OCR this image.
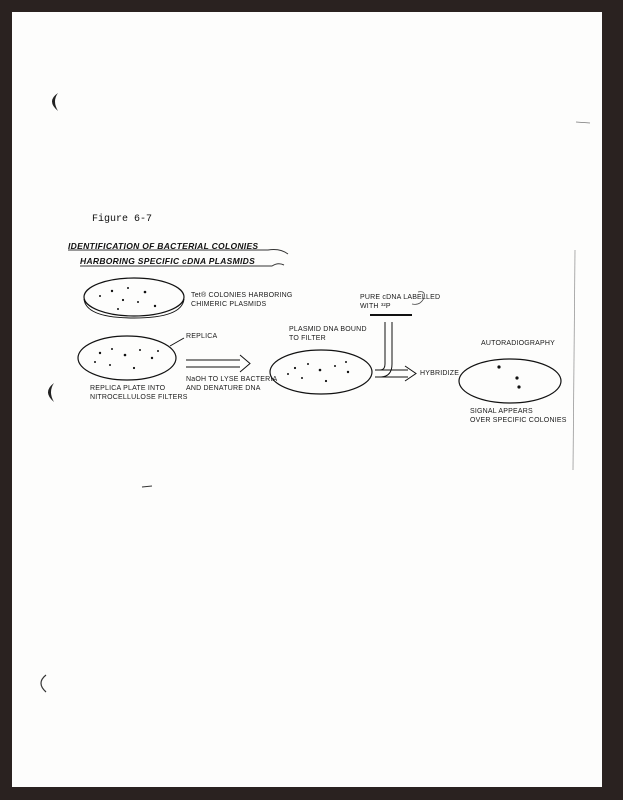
Figure 6-7
IDENTIFICATION OF BACTERIAL COLONIES
HARBORING SPECIFIC cDNA PLASMIDS
Tet® COLONIES HARBORING
CHIMERIC PLASMIDS
REPLICA
REPLICA PLATE INTO
NITROCELLULOSE FILTERS
NaOH TO LYSE BACTERIA
AND DENATURE DNA
PLASMID DNA BOUND
TO FILTER
PURE cDNA LABELLED
WITH ³²P
HYBRIDIZE
AUTORADIOGRAPHY
SIGNAL APPEARS
OVER SPECIFIC COLONIES
